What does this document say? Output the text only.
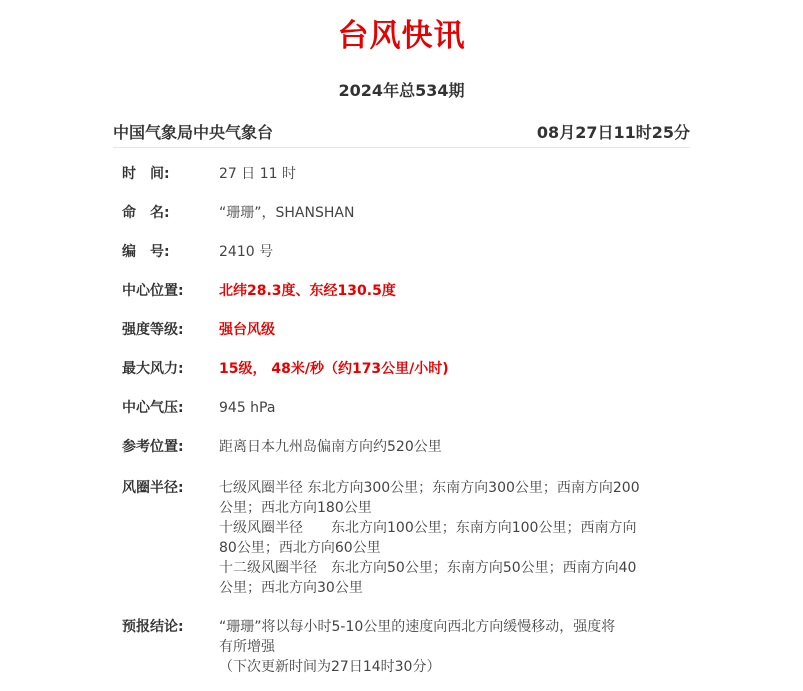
台风快讯
2024年总534期
中国气象局中央气象台	08月27日11时25分
时　间:	27 日 11 时
命　名:	“珊珊”，SHANSHAN
编　号:	2410 号
中心位置:	北纬28.3度、东经130.5度
强度等级:	强台风级
最大风力:	15级， 48米/秒（约173公里/小时)
中心气压:	945 hPa
参考位置:	距离日本九州岛偏南方向约520公里
风圈半径:	七级风圈半径 东北方向300公里；东南方向300公里；西南方向200
公里；西北方向180公里
十级风圈半径　　东北方向100公里；东南方向100公里；西南方向
80公里；西北方向60公里
十二级风圈半径　东北方向50公里；东南方向50公里；西南方向40
公里；西北方向30公里
预报结论:	“珊珊”将以每小时5-10公里的速度向西北方向缓慢移动，强度将
有所增强
（下次更新时间为27日14时30分）
